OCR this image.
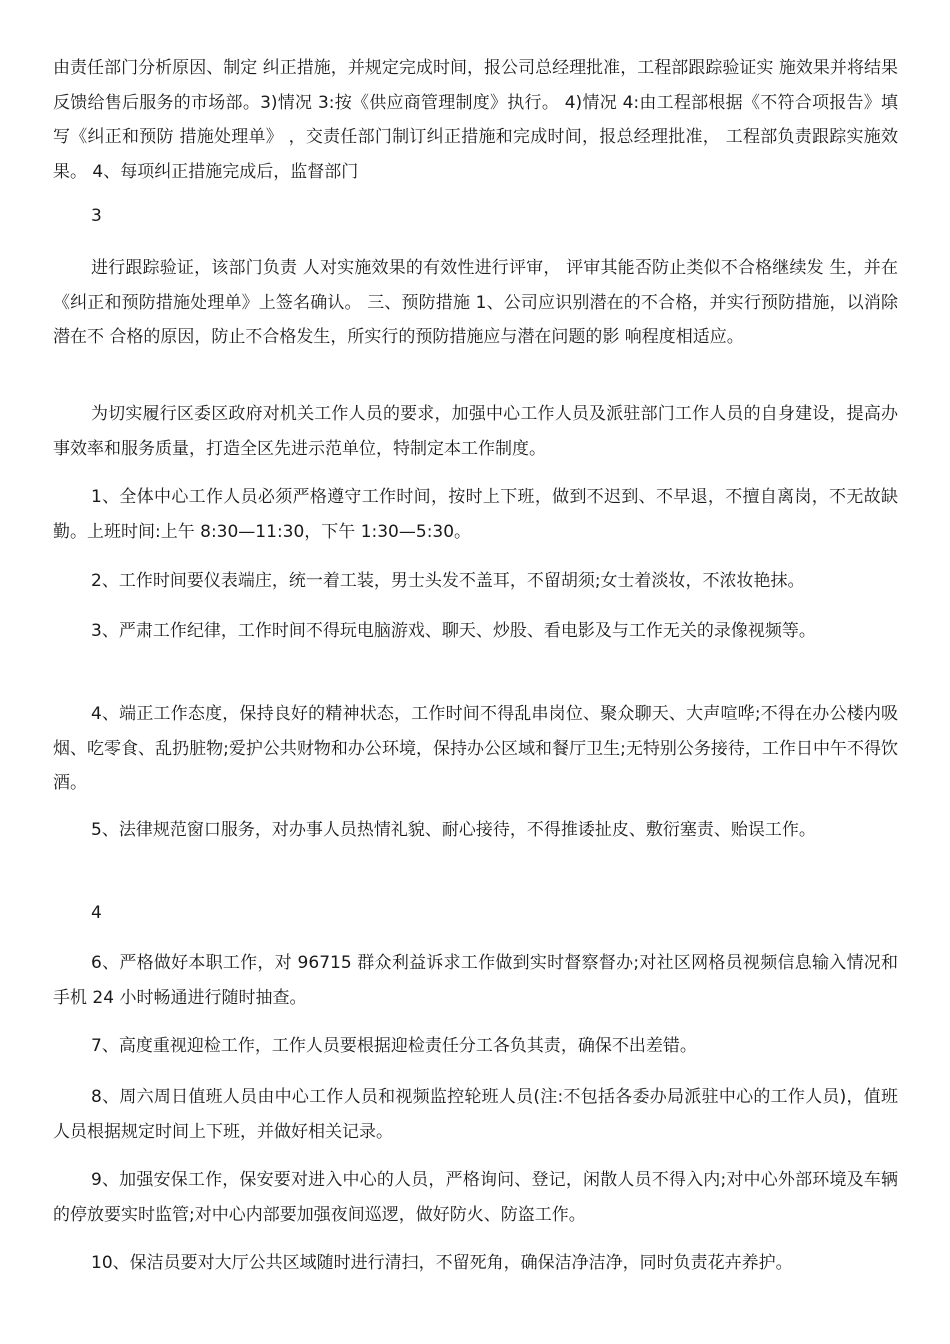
由责任部门分析原因、制定 纠正措施，并规定完成时间，报公司总经理批准，工程部跟踪验证实 施效果并将结果反馈给售后服务的市场部。3)情况 3:按《供应商管理制度》执行。 4)情况 4:由工程部根据《不符合项报告》填写《纠正和预防 措施处理单》 ，交责任部门制订纠正措施和完成时间，报总经理批准， 工程部负责跟踪实施效果。 4、每项纠正措施完成后，监督部门

3

进行跟踪验证，该部门负责 人对实施效果的有效性进行评审， 评审其能否防止类似不合格继续发 生，并在《纠正和预防措施处理单》上签名确认。 三、预防措施 1、公司应识别潜在的不合格，并实行预防措施，以消除潜在不 合格的原因，防止不合格发生，所实行的预防措施应与潜在问题的影 响程度相适应。

为切实履行区委区政府对机关工作人员的要求，加强中心工作人员及派驻部门工作人员的自身建设，提高办事效率和服务质量，打造全区先进示范单位，特制定本工作制度。

1、全体中心工作人员必须严格遵守工作时间，按时上下班，做到不迟到、不早退，不擅自离岗，不无故缺勤。上班时间:上午 8:30—11:30，下午 1:30—5:30。

2、工作时间要仪表端庄，统一着工装，男士头发不盖耳，不留胡须;女士着淡妆，不浓妆艳抹。

3、严肃工作纪律，工作时间不得玩电脑游戏、聊天、炒股、看电影及与工作无关的录像视频等。

4、端正工作态度，保持良好的精神状态，工作时间不得乱串岗位、聚众聊天、大声喧哗;不得在办公楼内吸烟、吃零食、乱扔脏物;爱护公共财物和办公环境，保持办公区域和餐厅卫生;无特别公务接待，工作日中午不得饮酒。

5、法律规范窗口服务，对办事人员热情礼貌、耐心接待，不得推诿扯皮、敷衍塞责、贻误工作。

4

6、严格做好本职工作，对 96715 群众利益诉求工作做到实时督察督办;对社区网格员视频信息输入情况和手机 24 小时畅通进行随时抽查。

7、高度重视迎检工作，工作人员要根据迎检责任分工各负其责，确保不出差错。

8、周六周日值班人员由中心工作人员和视频监控轮班人员(注:不包括各委办局派驻中心的工作人员)，值班人员根据规定时间上下班，并做好相关记录。

9、加强安保工作，保安要对进入中心的人员，严格询问、登记，闲散人员不得入内;对中心外部环境及车辆的停放要实时监管;对中心内部要加强夜间巡逻，做好防火、防盗工作。

10、保洁员要对大厅公共区域随时进行清扫，不留死角，确保洁净洁净，同时负责花卉养护。
